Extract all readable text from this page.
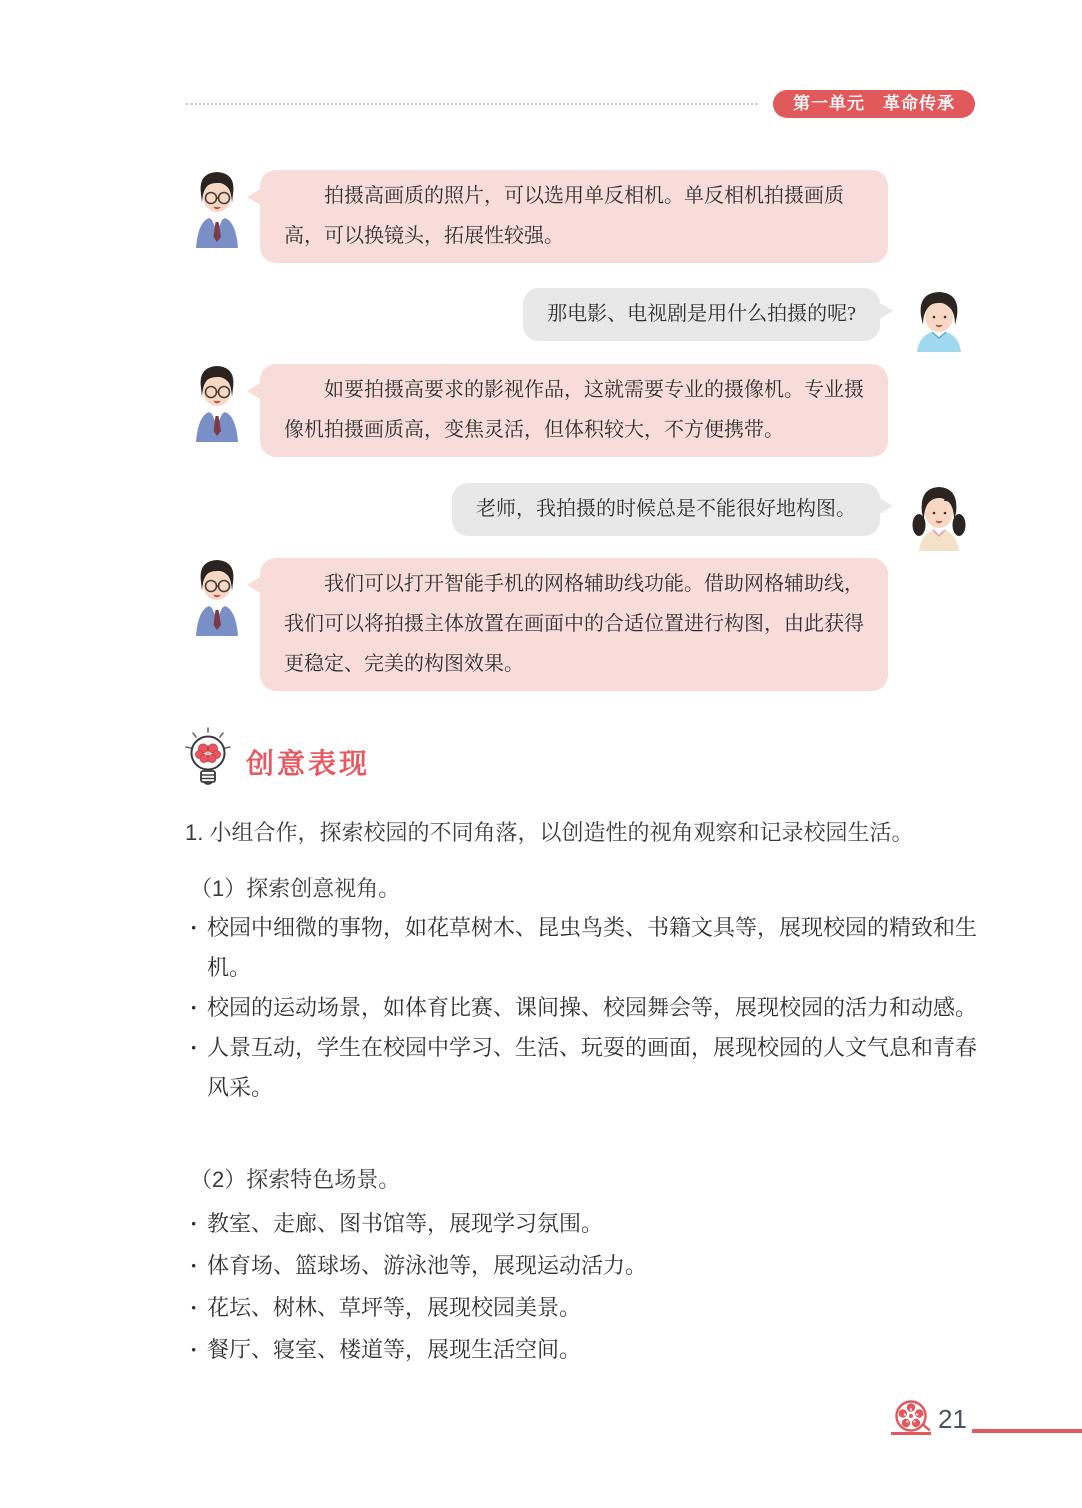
第一单元　革命传承
拍摄高画质的照片，可以选用单反相机。单反相机拍摄画质高，可以换镜头，拓展性较强。
那电影、电视剧是用什么拍摄的呢?
如要拍摄高要求的影视作品，这就需要专业的摄像机。专业摄像机拍摄画质高，变焦灵活，但体积较大，不方便携带。
老师，我拍摄的时候总是不能很好地构图。
我们可以打开智能手机的网格辅助线功能。借助网格辅助线，我们可以将拍摄主体放置在画面中的合适位置进行构图，由此获得更稳定、完美的构图效果。
创意表现

1. 小组合作，探索校园的不同角落，以创造性的视角观察和记录校园生活。

（1）探索创意视角。

· 校园中细微的事物，如花草树木、昆虫鸟类、书籍文具等，展现校园的精致和生机。
· 校园的运动场景，如体育比赛、课间操、校园舞会等，展现校园的活力和动感。
· 人景互动，学生在校园中学习、生活、玩耍的画面，展现校园的人文气息和青春风采。

（2）探索特色场景。

· 教室、走廊、图书馆等，展现学习氛围。
· 体育场、篮球场、游泳池等，展现运动活力。
· 花坛、树林、草坪等，展现校园美景。
· 餐厅、寝室、楼道等，展现生活空间。
21
